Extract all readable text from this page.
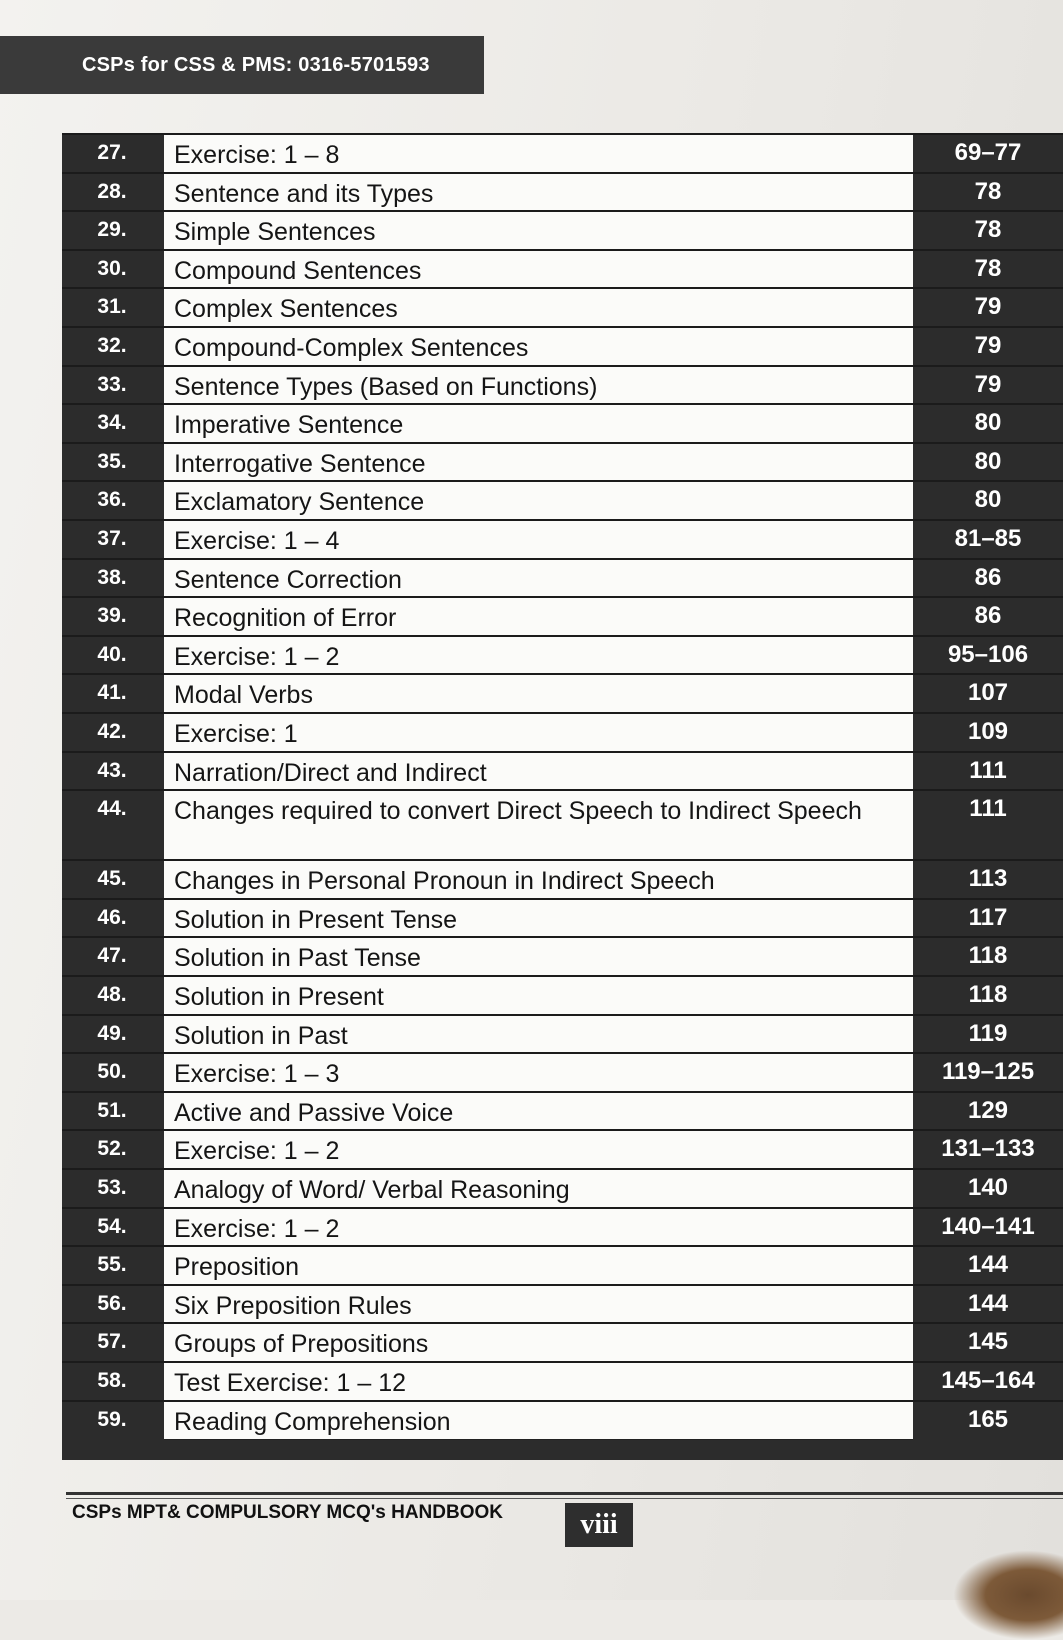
CSPs for CSS & PMS: 0316-5701593
27.	Exercise: 1 – 8	69–77
28.	Sentence and its Types	78
29.	Simple Sentences	78
30.	Compound Sentences	78
31.	Complex Sentences	79
32.	Compound-Complex Sentences	79
33.	Sentence Types (Based on Functions)	79
34.	Imperative Sentence	80
35.	Interrogative Sentence	80
36.	Exclamatory Sentence	80
37.	Exercise: 1 – 4	81–85
38.	Sentence Correction	86
39.	Recognition of Error	86
40.	Exercise: 1 – 2	95–106
41.	Modal Verbs	107
42.	Exercise: 1	109
43.	Narration/Direct and Indirect	111
44.	Changes required to convert Direct Speech to Indirect Speech	111
45.	Changes in Personal Pronoun in Indirect Speech	113
46.	Solution in Present Tense	117
47.	Solution in Past Tense	118
48.	Solution in Present	118
49.	Solution in Past	119
50.	Exercise: 1 – 3	119–125
51.	Active and Passive Voice	129
52.	Exercise: 1 – 2	131–133
53.	Analogy of Word/ Verbal Reasoning	140
54.	Exercise: 1 – 2	140–141
55.	Preposition	144
56.	Six Preposition Rules	144
57.	Groups of Prepositions	145
58.	Test Exercise: 1 – 12	145–164
59.	Reading Comprehension	165
CSPs MPT& COMPULSORY MCQ's HANDBOOK	viii
